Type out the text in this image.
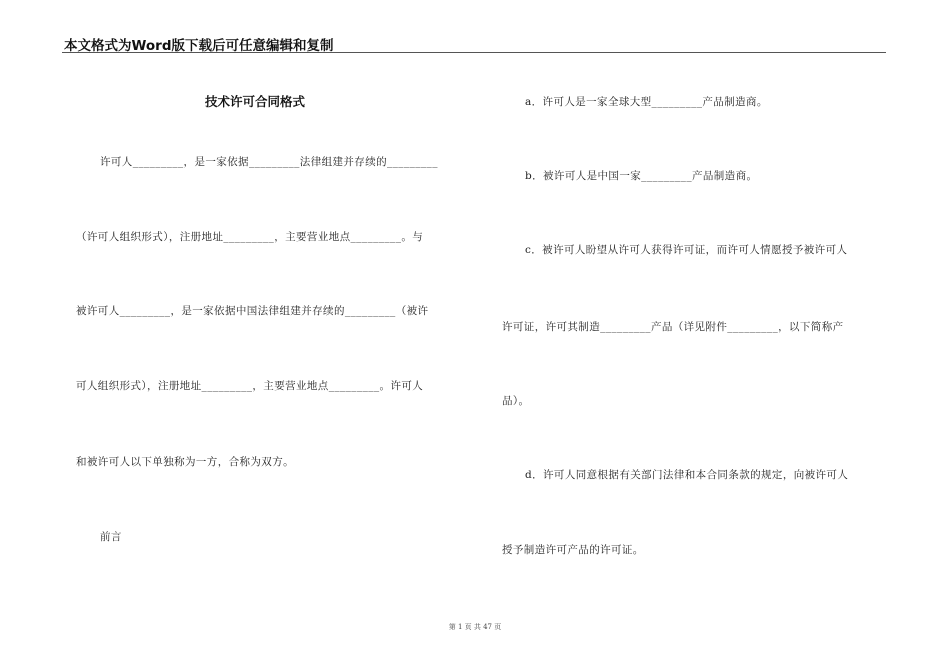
本文格式为Word版下载后可任意编辑和复制
技术许可合同格式
许可人_________，是一家依据_________法律组建并存续的_________
（许可人组织形式），注册地址_________，主要营业地点_________。与
被许可人_________，是一家依据中国法律组建并存续的_________（被许
可人组织形式），注册地址_________，主要营业地点_________。许可人
和被许可人以下单独称为一方，合称为双方。
前言
a．许可人是一家全球大型_________产品制造商。
b．被许可人是中国一家_________产品制造商。
c．被许可人盼望从许可人获得许可证，而许可人情愿授予被许可人
许可证，许可其制造_________产品（详见附件_________，以下简称产
品）。
d．许可人同意根据有关部门法律和本合同条款的规定，向被许可人
授予制造许可产品的许可证。
第 1 页 共 47 页
